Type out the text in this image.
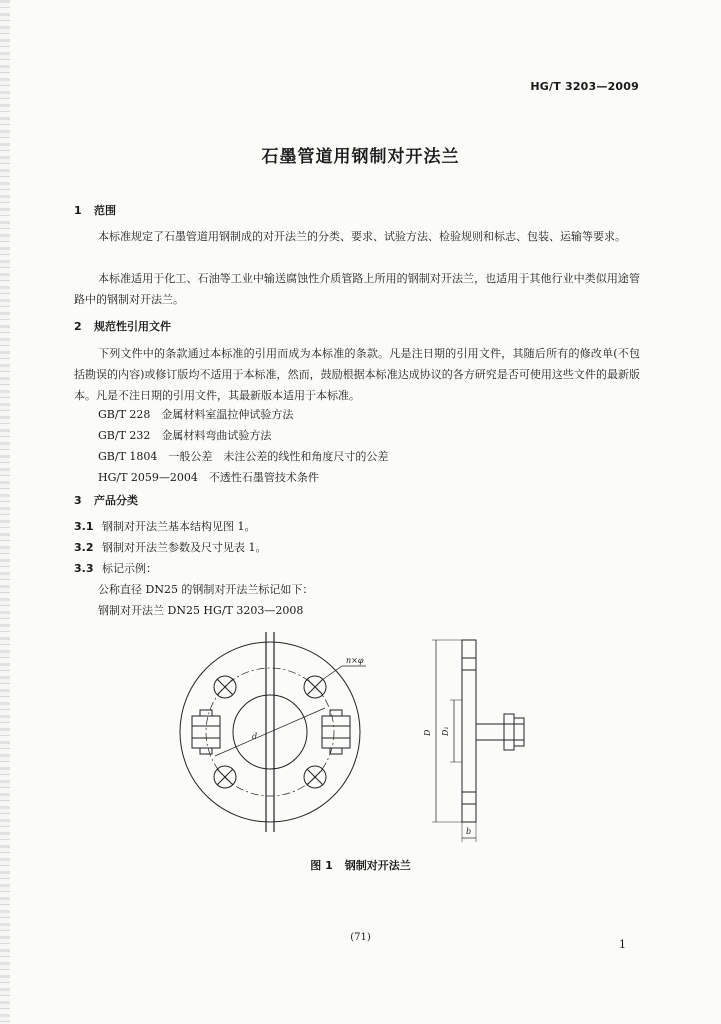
HG/T 3203—2009
石墨管道用钢制对开法兰
1 范围
本标准规定了石墨管道用钢制成的对开法兰的分类、要求、试验方法、检验规则和标志、包装、运输等要求。
本标准适用于化工、石油等工业中输送腐蚀性介质管路上所用的钢制对开法兰，也适用于其他行业中类似用途管路中的钢制对开法兰。
2 规范性引用文件
下列文件中的条款通过本标准的引用而成为本标准的条款。凡是注日期的引用文件，其随后所有的修改单(不包括勘误的内容)或修订版均不适用于本标准，然而，鼓励根据本标准达成协议的各方研究是否可使用这些文件的最新版本。凡是不注日期的引用文件，其最新版本适用于本标准。
GB/T 228　 金属材料室温拉伸试验方法
GB/T 232　 金属材料弯曲试验方法
GB/T 1804　 一般公差　未注公差的线性和角度尺寸的公差
HG/T 2059—2004　 不透性石墨管技术条件
3 产品分类
3.1 钢制对开法兰基本结构见图 1。
3.2 钢制对开法兰参数及尺寸见表 1。
3.3 标记示例：
公称直径 DN25 的钢制对开法兰标记如下：
钢制对开法兰 DN25 HG/T 3203—2008
n×φ
d	D D₁
b
图 1 钢制对开法兰
(71)
1
